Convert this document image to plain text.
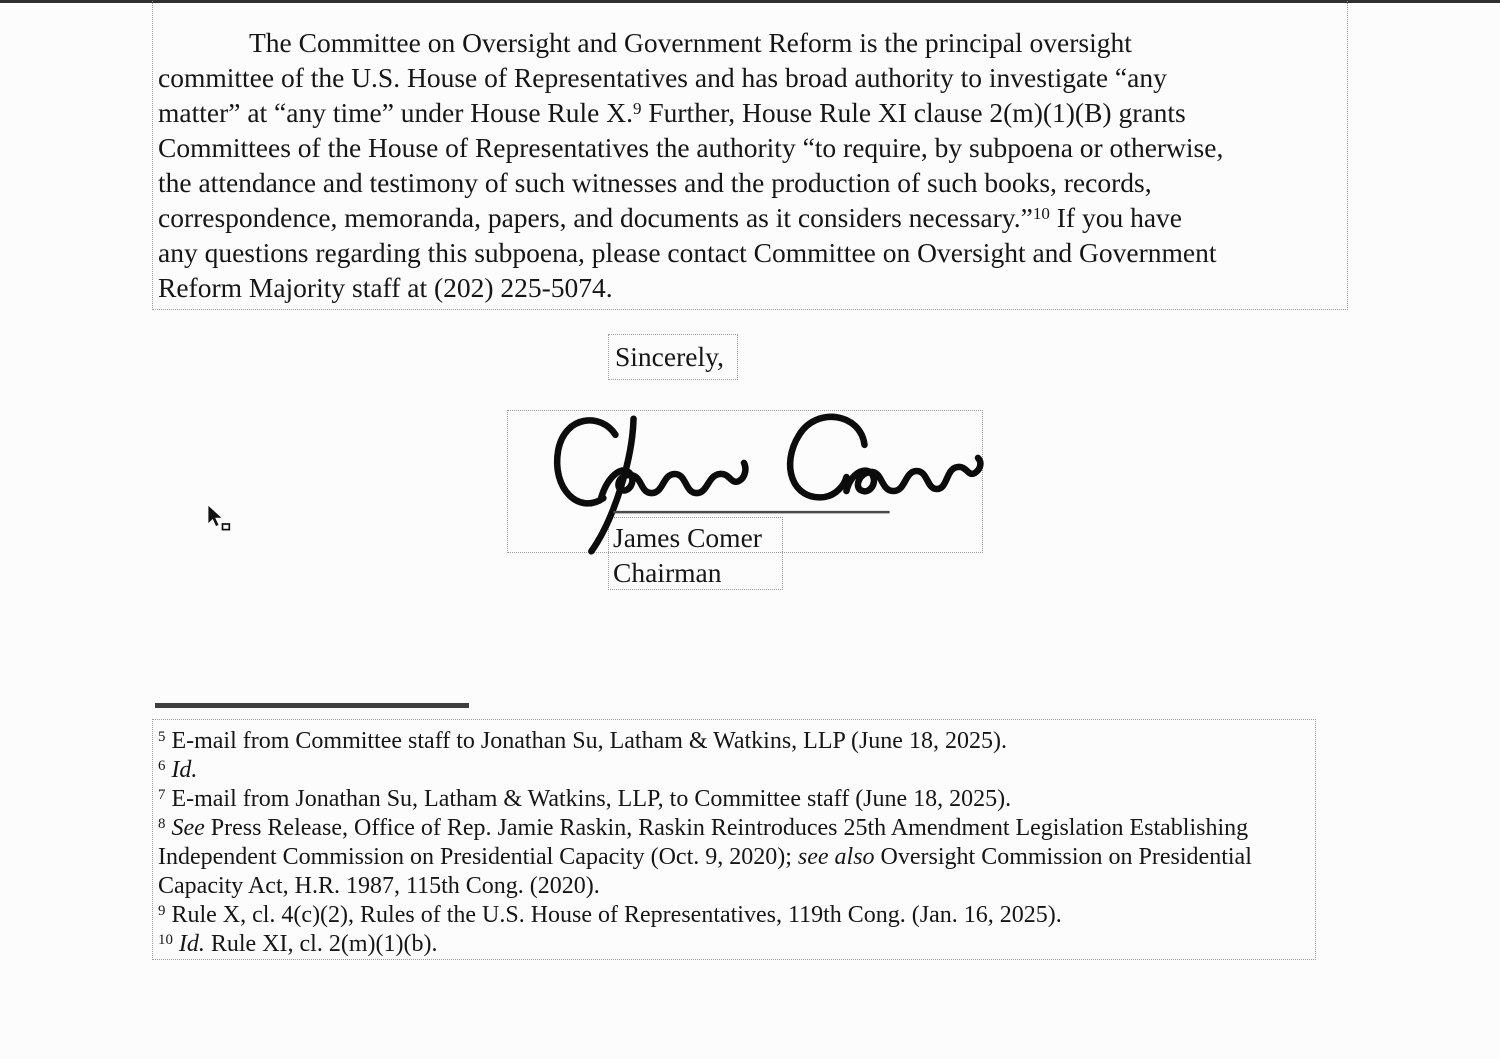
The Committee on Oversight and Government Reform is the principal oversight
committee of the U.S. House of Representatives and has broad authority to investigate “any
matter” at “any time” under House Rule X.$^9$ Further, House Rule XI clause 2(m)(1)(B) grants
Committees of the House of Representatives the authority “to require, by subpoena or otherwise,
the attendance and testimony of such witnesses and the production of such books, records,
correspondence, memoranda, papers, and documents as it considers necessary.”$^{10}$ If you have
any questions regarding this subpoena, please contact Committee on Oversight and Government
Reform Majority staff at (202) 225-5074.
Sincerely,
James Comer
Chairman
$^5$ E-mail from Committee staff to Jonathan Su, Latham & Watkins, LLP (June 18, 2025).
$^6$ Id.
$^7$ E-mail from Jonathan Su, Latham & Watkins, LLP, to Committee staff (June 18, 2025).
$^8$ See Press Release, Office of Rep. Jamie Raskin, Raskin Reintroduces 25th Amendment Legislation Establishing
Independent Commission on Presidential Capacity (Oct. 9, 2020); see also Oversight Commission on Presidential
Capacity Act, H.R. 1987, 115th Cong. (2020).
$^9$ Rule X, cl. 4(c)(2), Rules of the U.S. House of Representatives, 119th Cong. (Jan. 16, 2025).
$^{10}$ Id. Rule XI, cl. 2(m)(1)(b).
